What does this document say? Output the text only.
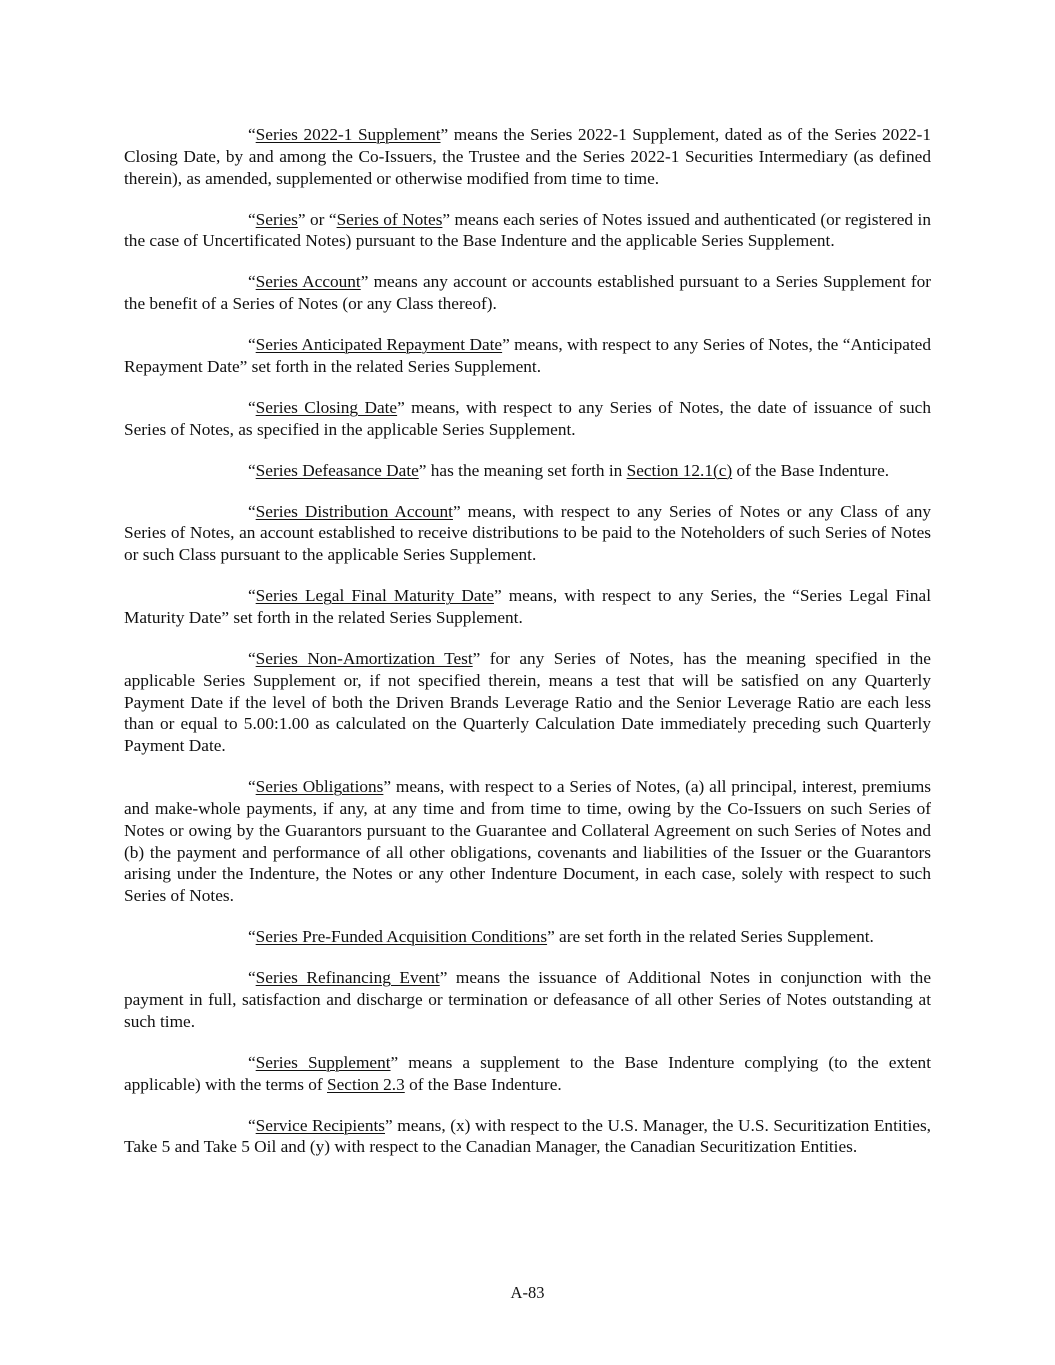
“Series 2022-1 Supplement” means the Series 2022-1 Supplement, dated as of the Series 2022-1 Closing Date, by and among the Co-Issuers, the Trustee and the Series 2022-1 Securities Intermediary (as defined therein), as amended, supplemented or otherwise modified from time to time.

“Series” or “Series of Notes” means each series of Notes issued and authenticated (or registered in the case of Uncertificated Notes) pursuant to the Base Indenture and the applicable Series Supplement.

“Series Account” means any account or accounts established pursuant to a Series Supplement for the benefit of a Series of Notes (or any Class thereof).

“Series Anticipated Repayment Date” means, with respect to any Series of Notes, the “Anticipated Repayment Date” set forth in the related Series Supplement.

“Series Closing Date” means, with respect to any Series of Notes, the date of issuance of such Series of Notes, as specified in the applicable Series Supplement.

“Series Defeasance Date” has the meaning set forth in Section 12.1(c) of the Base Indenture.

“Series Distribution Account” means, with respect to any Series of Notes or any Class of any Series of Notes, an account established to receive distributions to be paid to the Noteholders of such Series of Notes or such Class pursuant to the applicable Series Supplement.

“Series Legal Final Maturity Date” means, with respect to any Series, the “Series Legal Final Maturity Date” set forth in the related Series Supplement.

“Series Non-Amortization Test” for any Series of Notes, has the meaning specified in the applicable Series Supplement or, if not specified therein, means a test that will be satisfied on any Quarterly Payment Date if the level of both the Driven Brands Leverage Ratio and the Senior Leverage Ratio are each less than or equal to 5.00:1.00 as calculated on the Quarterly Calculation Date immediately preceding such Quarterly Payment Date.

“Series Obligations” means, with respect to a Series of Notes, (a) all principal, interest, premiums and make-whole payments, if any, at any time and from time to time, owing by the Co-Issuers on such Series of Notes or owing by the Guarantors pursuant to the Guarantee and Collateral Agreement on such Series of Notes and (b) the payment and performance of all other obligations, covenants and liabilities of the Issuer or the Guarantors arising under the Indenture, the Notes or any other Indenture Document, in each case, solely with respect to such Series of Notes.

“Series Pre-Funded Acquisition Conditions” are set forth in the related Series Supplement.

“Series Refinancing Event” means the issuance of Additional Notes in conjunction with the payment in full, satisfaction and discharge or termination or defeasance of all other Series of Notes outstanding at such time.

“Series Supplement” means a supplement to the Base Indenture complying (to the extent applicable) with the terms of Section 2.3 of the Base Indenture.

“Service Recipients” means, (x) with respect to the U.S. Manager, the U.S. Securitization Entities, Take 5 and Take 5 Oil and (y) with respect to the Canadian Manager, the Canadian Securitization Entities.

A-83
